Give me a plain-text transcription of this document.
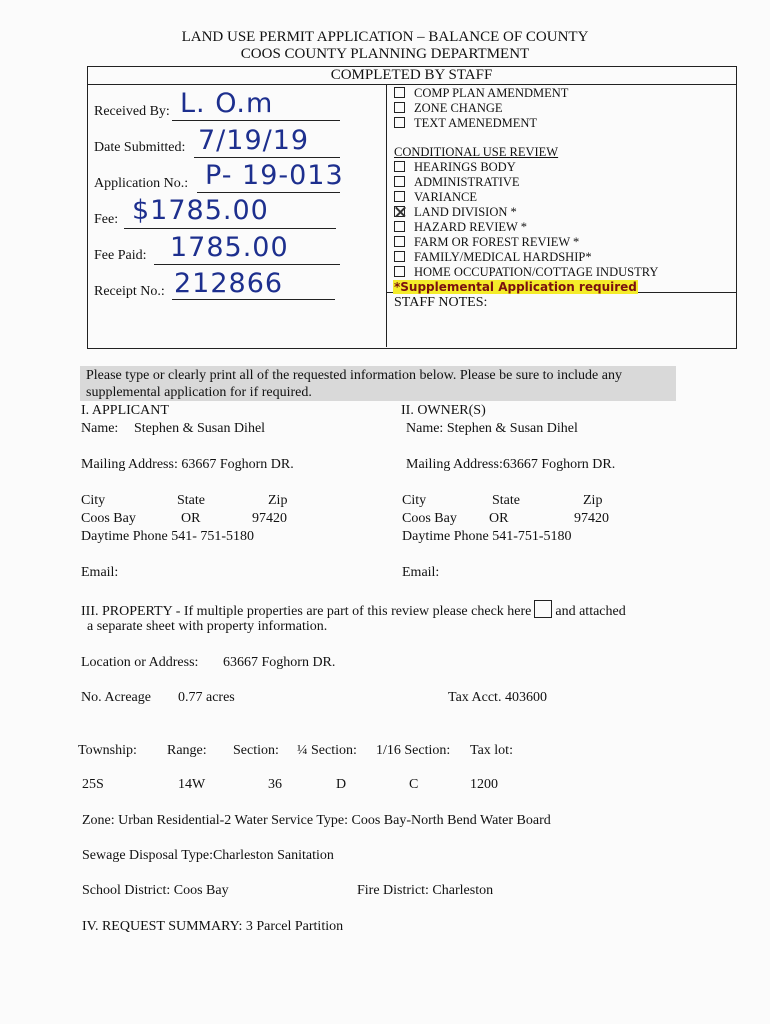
LAND USE PERMIT APPLICATION – BALANCE OF COUNTY
COOS COUNTY PLANNING DEPARTMENT
COMPLETED BY STAFF
Received By: L. O.m
Date Submitted: 7/19/19
Application No.: P- 19-013
Fee: $1785.00
Fee Paid: 1785.00
Receipt No.: 212866
COMP PLAN AMENDMENT
ZONE CHANGE
TEXT AMENEDMENT
CONDITIONAL USE REVIEW
HEARINGS BODY
ADMINISTRATIVE
VARIANCE
LAND DIVISION *
HAZARD REVIEW *
FARM OR FOREST REVIEW *
FAMILY/MEDICAL HARDSHIP*
HOME OCCUPATION/COTTAGE INDUSTRY
*Supplemental Application required
STAFF NOTES:
Please type or clearly print all of the requested information below. Please be sure to include any
supplemental application for if required.
I. APPLICANT
Name: Stephen & Susan Dihel
Mailing Address: 63667 Foghorn DR.
City	State	Zip
Coos Bay	OR	97420
Daytime Phone 541- 751-5180
Email:
II. OWNER(S)
Name: Stephen & Susan Dihel
Mailing Address:63667 Foghorn DR.
City	State	Zip
Coos Bay OR	97420
Daytime Phone 541-751-5180
Email:
III. PROPERTY - If multiple properties are part of this review please check here and attached
a separate sheet with property information.
Location or Address: 63667 Foghorn DR.
No. Acreage 0.77 acres	Tax Acct. 403600
Township: Range: Section: ¼ Section: 1/16 Section: Tax lot:
25S	14W	36	D	C	1200
Zone: Urban Residential-2 Water Service Type: Coos Bay-North Bend Water Board
Sewage Disposal Type:Charleston Sanitation
School District: Coos Bay	Fire District: Charleston
IV. REQUEST SUMMARY: 3 Parcel Partition
